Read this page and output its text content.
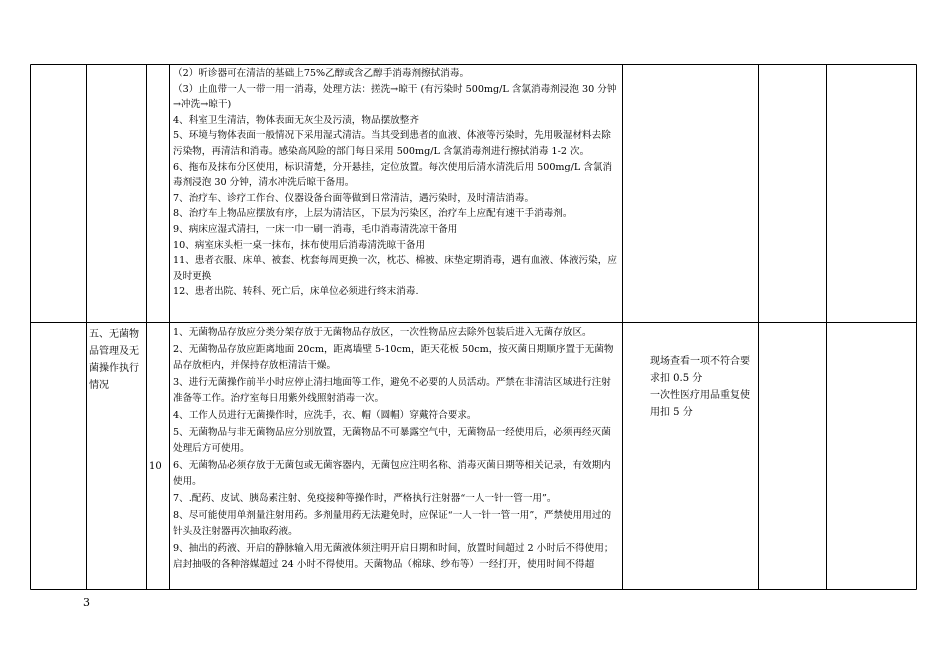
（2）听诊器可在清洁的基础上75%乙醇或含乙醇手消毒剂擦拭消毒。

（3）止血带一人一带一用一消毒，处理方法：搓洗→晾干 (有污染时 500mg/L 含氯消毒剂浸泡 30 分钟→冲洗→晾干)

4、科室卫生清洁，物体表面无灰尘及污渍，物品摆放整齐

5、环境与物体表面一般情况下采用湿式清洁。当其受到患者的血液、体液等污染时，先用吸湿材料去除污染物，再清洁和消毒。感染高风险的部门每日采用 500mg/L 含氯消毒剂进行擦拭消毒 1-2 次。

6、拖布及抹布分区使用，标识清楚，分开悬挂，定位放置。每次使用后清水清洗后用 500mg/L 含氯消毒剂浸泡 30 分钟，清水冲洗后晾干备用。

7、治疗车、诊疗工作台、仪器设备台面等做到日常清洁，遇污染时，及时清洁消毒。

8、治疗车上物品应摆放有序，上层为清洁区，下层为污染区，治疗车上应配有速干手消毒剂。

9、病床应湿式清扫，一床一巾一刷一消毒，毛巾消毒清洗凉干备用

10、病室床头柜一桌一抹布，抹布使用后消毒清洗晾干备用

11、患者衣服、床单、被套、枕套每周更换一次，枕芯、棉被、床垫定期消毒，遇有血液、体液污染，应及时更换

12、患者出院、转科、死亡后，床单位必须进行终末消毒.

五、无菌物品管理及无菌操作执行情况
10

1、无菌物品存放应分类分架存放于无菌物品存放区，一次性物品应去除外包装后进入无菌存放区。

2、无菌物品存放应距离地面 20cm，距离墙壁 5-10cm，距天花板 50cm，按灭菌日期顺序置于无菌物品存放柜内，并保持存放柜清洁干燥。

3、进行无菌操作前半小时应停止清扫地面等工作，避免不必要的人员活动。严禁在非清洁区域进行注射准备等工作。治疗室每日用紫外线照射消毒一次。

4、工作人员进行无菌操作时，应洗手，衣、帽（圆帽）穿戴符合要求。

5、无菌物品与非无菌物品应分别放置，无菌物品不可暴露空气中，无菌物品一经使用后，必须再经灭菌处理后方可使用。

6、无菌物品必须存放于无菌包或无菌容器内，无菌包应注明名称、消毒灭菌日期等相关记录，有效期内使用。

7、.配药、皮试、胰岛素注射、免疫接种等操作时，严格执行注射器“一人一针一管一用”。

8、尽可能使用单剂量注射用药。多剂量用药无法避免时，应保证“一人一针一管一用”，严禁使用用过的针头及注射器再次抽取药液。

9、抽出的药液、开启的静脉输入用无菌液体须注明开启日期和时间，放置时间超过 2 小时后不得使用；启封抽吸的各种溶媒超过 24 小时不得使用。天菌物品（棉球、纱布等）一经打开，使用时间不得超

现场查看一项不符合要求扣 0.5 分
一次性医疗用品重复使用扣 5 分
3
